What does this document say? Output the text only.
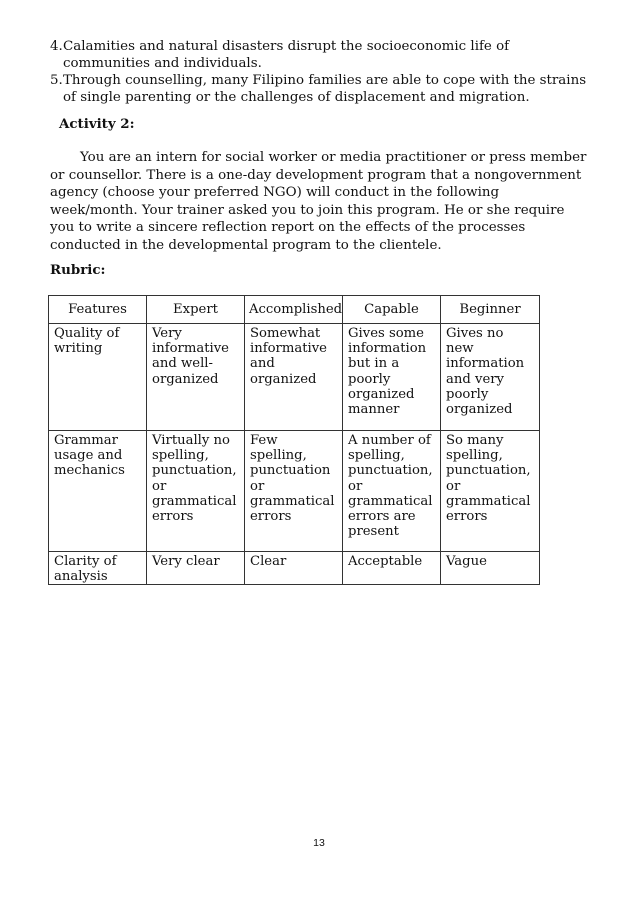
4. Calamities and natural disasters disrupt the socioeconomic life of communities and individuals.
5. Through counselling, many Filipino families are able to cope with the strains of single parenting or the challenges of displacement and migration.
Activity 2:

You are an intern for social worker or media practitioner or press member or counsellor. There is a one-day development program that a nongovernment agency (choose your preferred NGO) will conduct in the following week/month. Your trainer asked you to join this program. He or she require you to write a sincere reflection report on the effects of the processes conducted in the developmental program to the clientele.

Rubric:
Features	Expert	Accomplished	Capable	Beginner
Quality of writing	Very informative and well-organized	Somewhat informative and organized	Gives some information but in a poorly organized manner	Gives no new information and very poorly organized
Grammar usage and mechanics	Virtually no spelling, punctuation, or grammatical errors	Few spelling, punctuation or grammatical errors	A number of spelling, punctuation, or grammatical errors are present	So many spelling, punctuation, or grammatical errors
Clarity of analysis	Very clear	Clear	Acceptable	Vague
13
